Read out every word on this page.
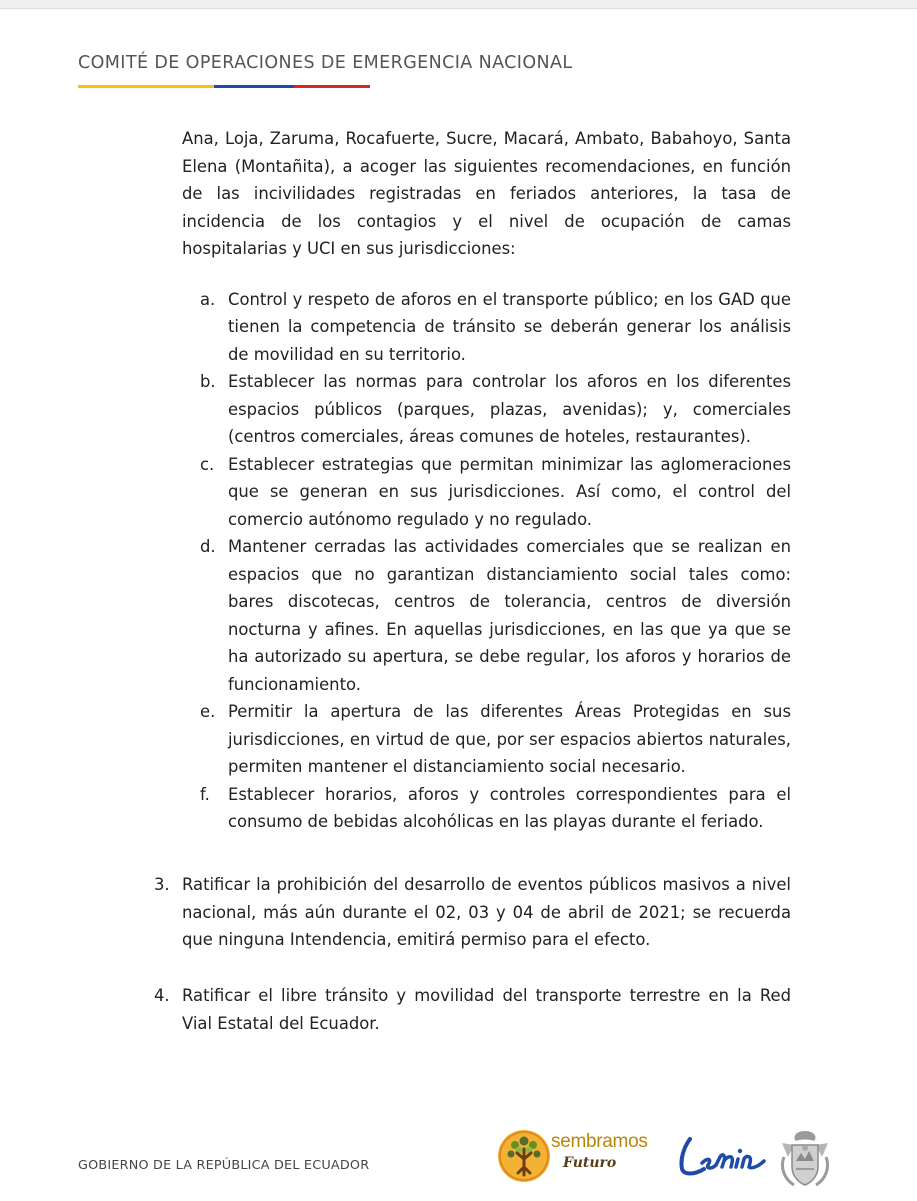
COMITÉ DE OPERACIONES DE EMERGENCIA NACIONAL

Ana, Loja, Zaruma, Rocafuerte, Sucre, Macará, Ambato, Babahoyo, Santa Elena (Montañita), a acoger las siguientes recomendaciones, en función de las incivilidades registradas en feriados anteriores, la tasa de incidencia de los contagios y el nivel de ocupación de camas hospitalarias y UCI en sus jurisdicciones:

a. Control y respeto de aforos en el transporte público; en los GAD que tienen la competencia de tránsito se deberán generar los análisis de movilidad en su territorio.
b. Establecer las normas para controlar los aforos en los diferentes espacios públicos (parques, plazas, avenidas); y, comerciales (centros comerciales, áreas comunes de hoteles, restaurantes).
c. Establecer estrategias que permitan minimizar las aglomeraciones que se generan en sus jurisdicciones. Así como, el control del comercio autónomo regulado y no regulado.
d. Mantener cerradas las actividades comerciales que se realizan en espacios que no garantizan distanciamiento social tales como: bares discotecas, centros de tolerancia, centros de diversión nocturna y afines. En aquellas jurisdicciones, en las que ya que se ha autorizado su apertura, se debe regular, los aforos y horarios de funcionamiento.
e. Permitir la apertura de las diferentes Áreas Protegidas en sus jurisdicciones, en virtud de que, por ser espacios abiertos naturales, permiten mantener el distanciamiento social necesario.
f. Establecer horarios, aforos y controles correspondientes para el consumo de bebidas alcohólicas en las playas durante el feriado.
3. Ratificar la prohibición del desarrollo de eventos públicos masivos a nivel nacional, más aún durante el 02, 03 y 04 de abril de 2021; se recuerda que ninguna Intendencia, emitirá permiso para el efecto.
4. Ratificar el libre tránsito y movilidad del transporte terrestre en la Red Vial Estatal del Ecuador.
GOBIERNO DE LA REPÚBLICA DEL ECUADOR
sembramos
Futuro
